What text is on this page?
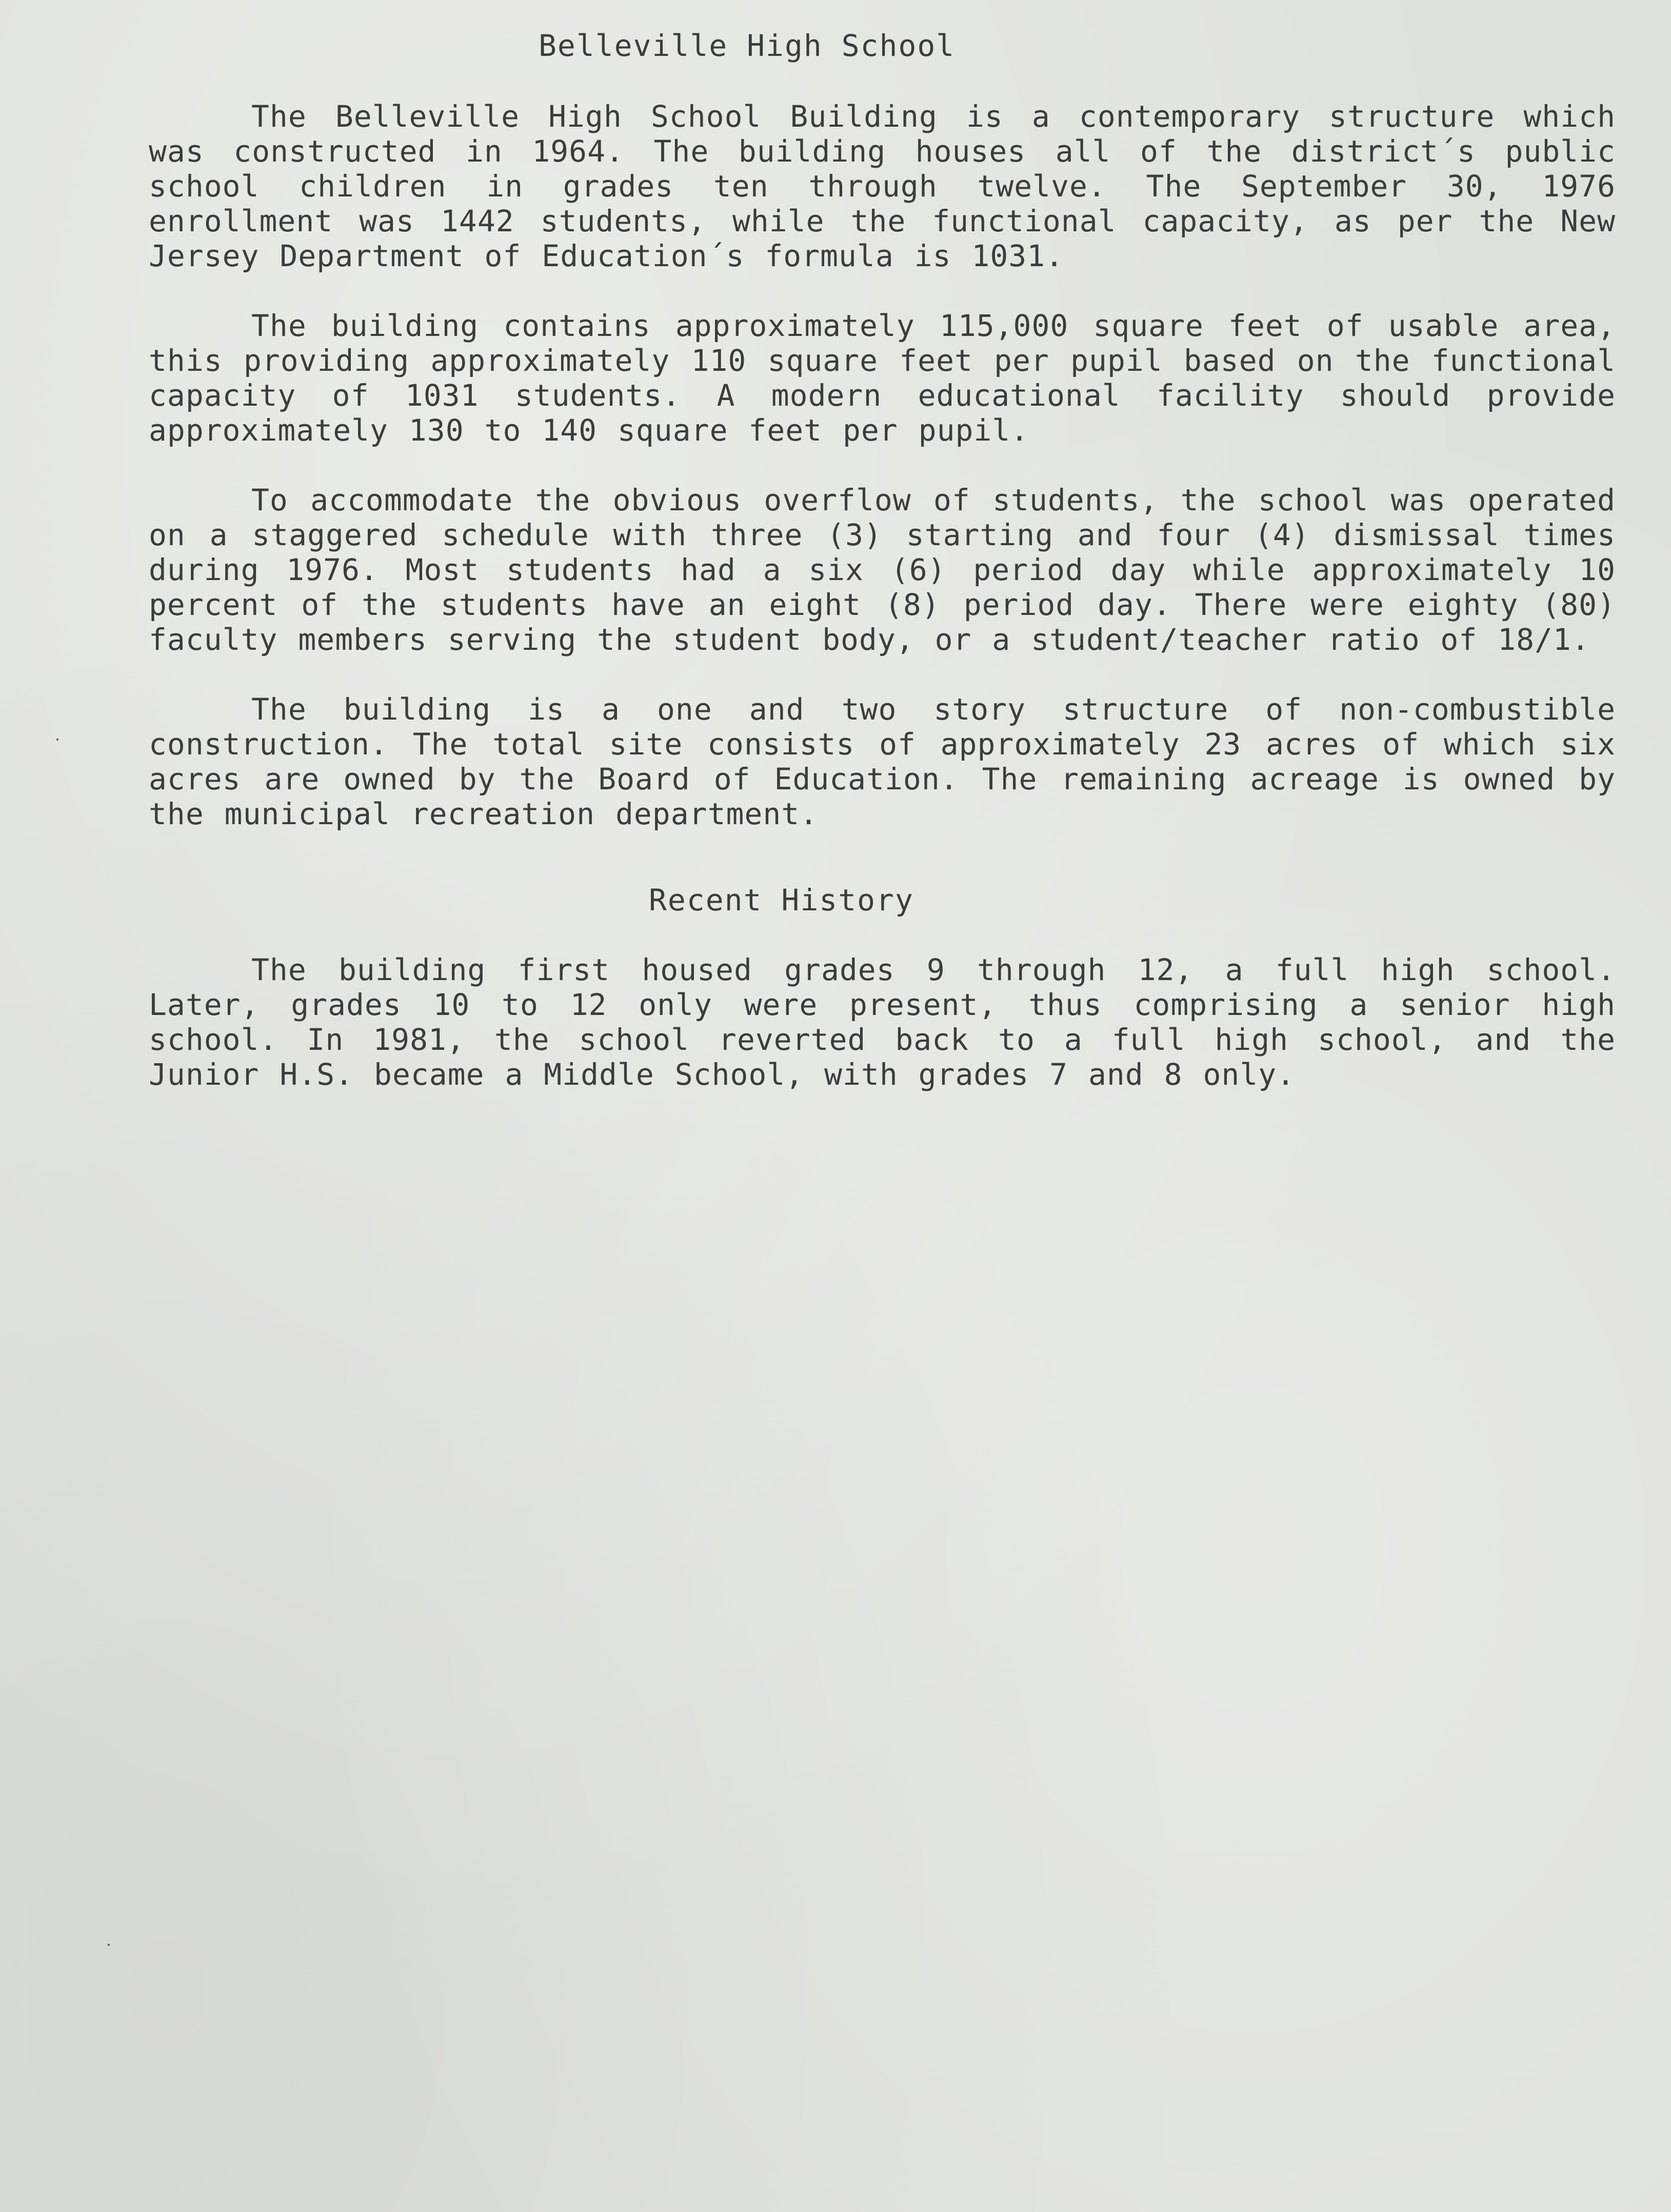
Belleville High School

The Belleville High School Building is a contemporary structure which was constructed in 1964. The building houses all of the district´s public school children in grades ten through twelve. The September 30, 1976 enrollment was 1442 students, while the functional capacity, as per the New Jersey Department of Education´s formula is 1031.

The building contains approximately 115,000 square feet of usable area, this providing approximately 110 square feet per pupil based on the functional capacity of 1031 students. A modern educational facility should provide approximately 130 to 140 square feet per pupil.

To accommodate the obvious overflow of students, the school was operated on a staggered schedule with three (3) starting and four (4) dismissal times during 1976. Most students had a six (6) period day while approximately 10 percent of the students have an eight (8) period day. There were eighty (80) faculty members serving the student body, or a student/teacher ratio of 18/1.

The building is a one and two story structure of non-combustible construction. The total site consists of approximately 23 acres of which six acres are owned by the Board of Education. The remaining acreage is owned by the municipal recreation department.

Recent History

The building first housed grades 9 through 12, a full high school. Later, grades 10 to 12 only were present, thus comprising a senior high school. In 1981, the school reverted back to a full high school, and the Junior H.S. became a Middle School, with grades 7 and 8 only.
